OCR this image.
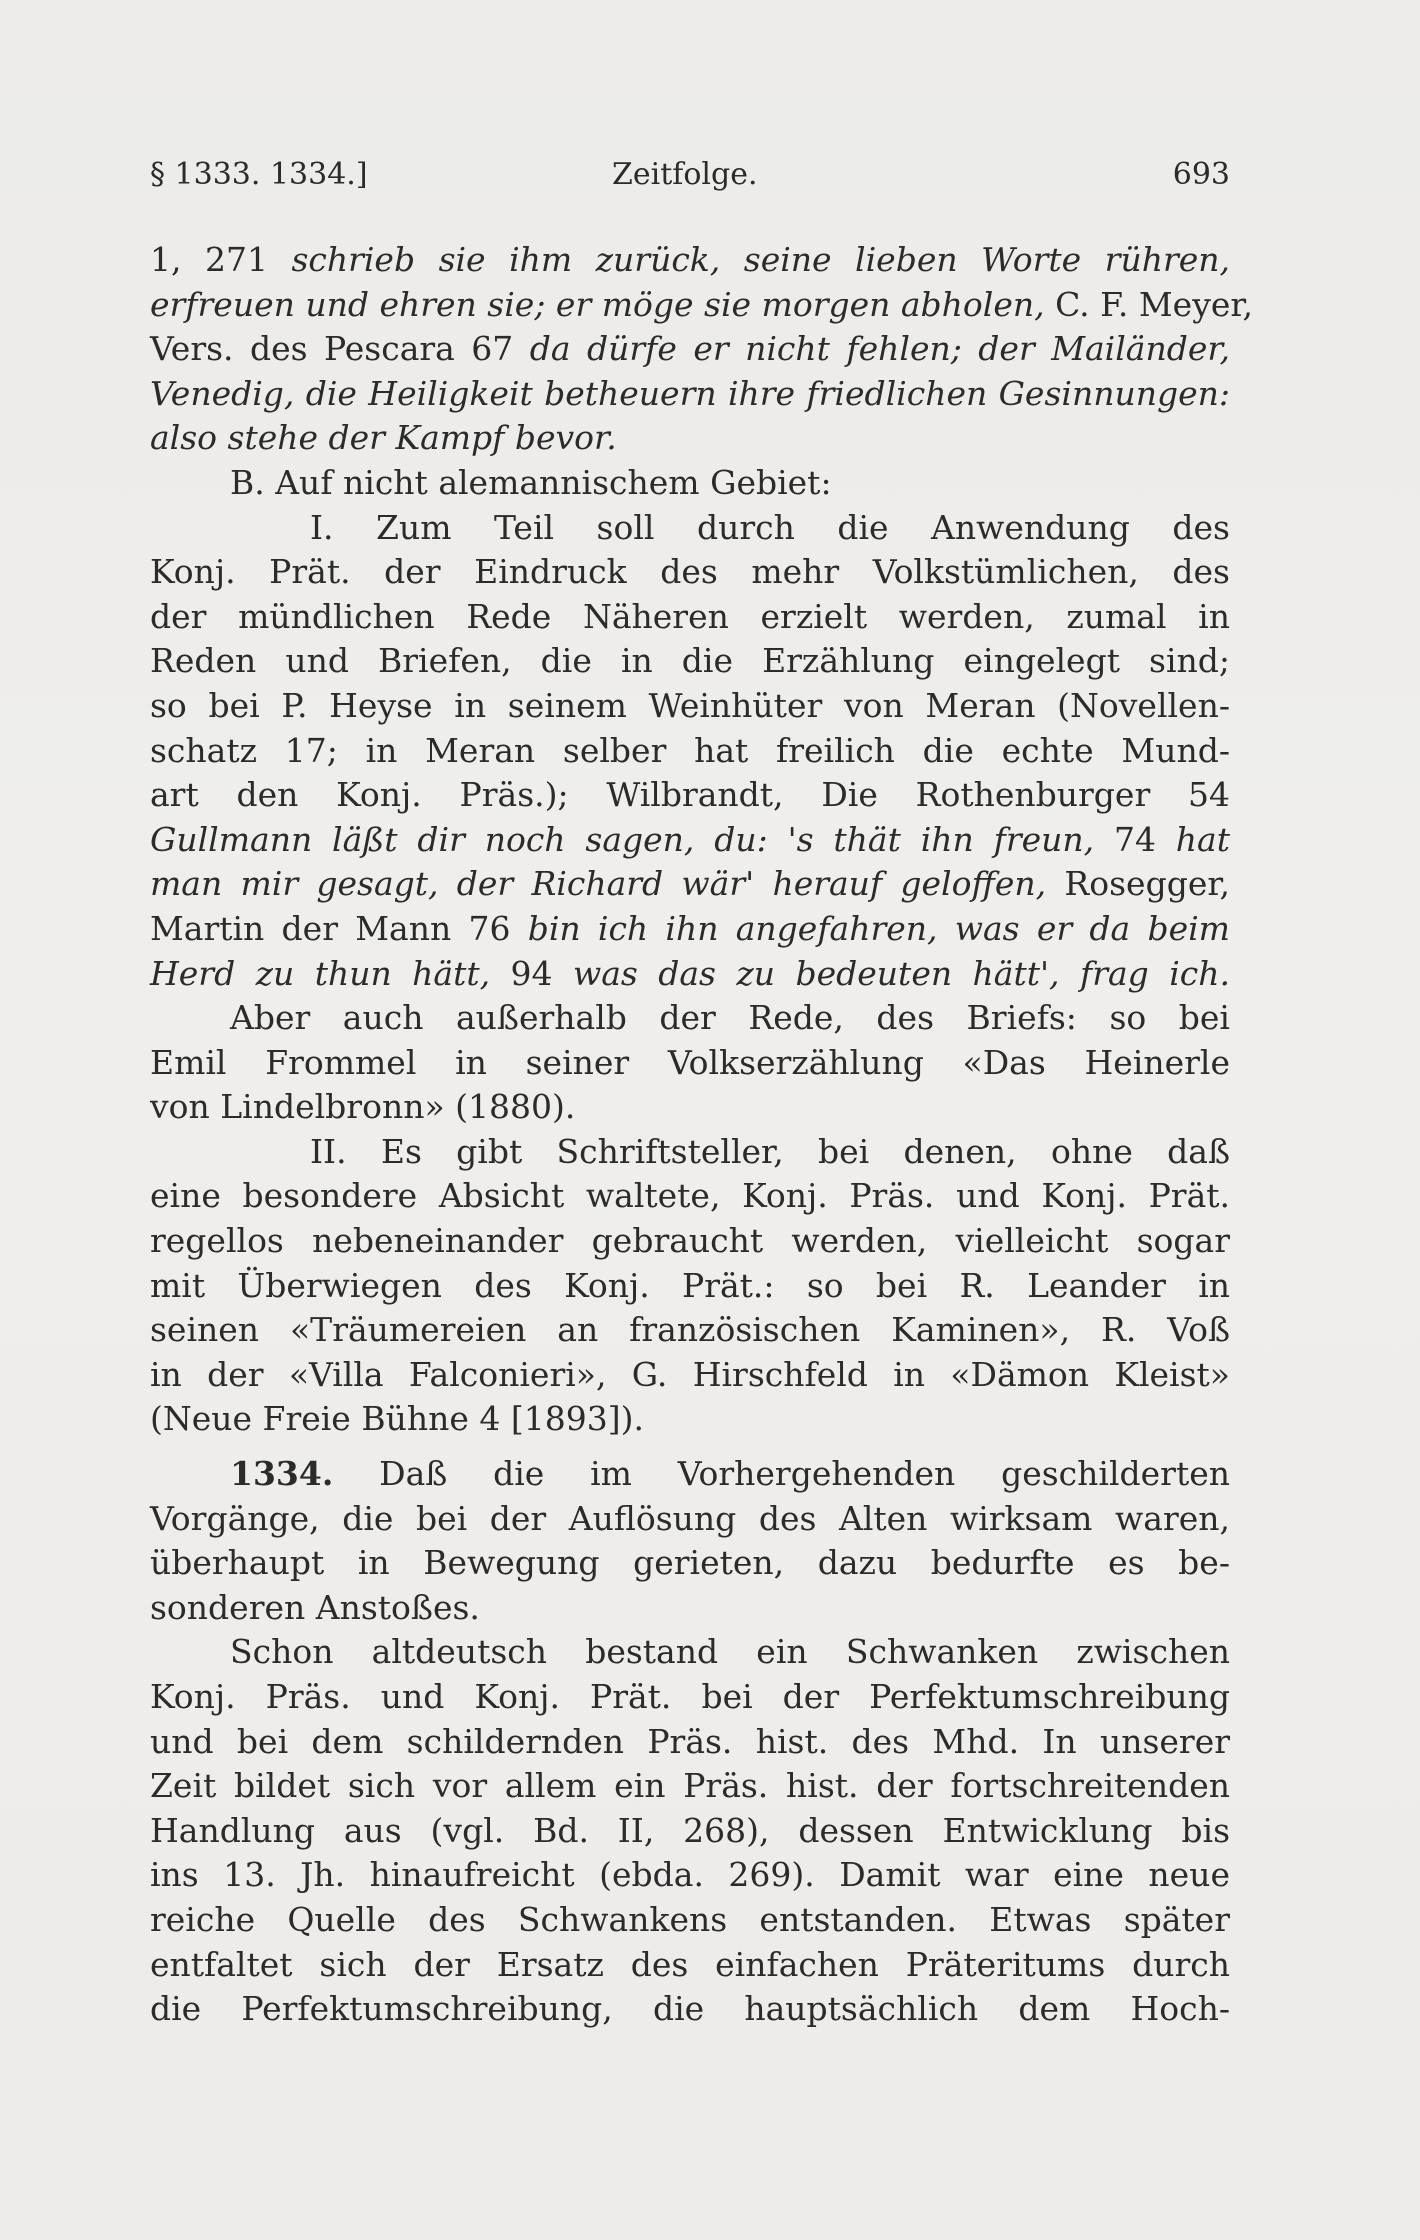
§ 1333. 1334.]	Zeitfolge.	693
1, 271 schrieb sie ihm zurück, seine lieben Worte rühren,
erfreuen und ehren sie; er möge sie morgen abholen, C. F. Meyer,
Vers. des Pescara 67 da dürfe er nicht fehlen; der Mailänder,
Venedig, die Heiligkeit betheuern ihre friedlichen Gesinnungen:
also stehe der Kampf bevor.
B. Auf nicht alemannischem Gebiet:
I. Zum Teil soll durch die Anwendung des
Konj. Prät. der Eindruck des mehr Volkstümlichen, des
der mündlichen Rede Näheren erzielt werden, zumal in
Reden und Briefen, die in die Erzählung eingelegt sind;
so bei P. Heyse in seinem Weinhüter von Meran (Novellen-
schatz 17; in Meran selber hat freilich die echte Mund-
art den Konj. Präs.); Wilbrandt, Die Rothenburger 54
Gullmann läßt dir noch sagen, du: 's thät ihn freun, 74 hat
man mir gesagt, der Richard wär' herauf geloffen, Rosegger,
Martin der Mann 76 bin ich ihn angefahren, was er da beim
Herd zu thun hätt, 94 was das zu bedeuten hätt', frag ich.
Aber auch außerhalb der Rede, des Briefs: so bei
Emil Frommel in seiner Volkserzählung «Das Heinerle
von Lindelbronn» (1880).
II. Es gibt Schriftsteller, bei denen, ohne daß
eine besondere Absicht waltete, Konj. Präs. und Konj. Prät.
regellos nebeneinander gebraucht werden, vielleicht sogar
mit Überwiegen des Konj. Prät.: so bei R. Leander in
seinen «Träumereien an französischen Kaminen», R. Voß
in der «Villa Falconieri», G. Hirschfeld in «Dämon Kleist»
(Neue Freie Bühne 4 [1893]).
1334. Daß die im Vorhergehenden geschilderten
Vorgänge, die bei der Auflösung des Alten wirksam waren,
überhaupt in Bewegung gerieten, dazu bedurfte es be-
sonderen Anstoßes.
Schon altdeutsch bestand ein Schwanken zwischen
Konj. Präs. und Konj. Prät. bei der Perfektumschreibung
und bei dem schildernden Präs. hist. des Mhd. In unserer
Zeit bildet sich vor allem ein Präs. hist. der fortschreitenden
Handlung aus (vgl. Bd. II, 268), dessen Entwicklung bis
ins 13. Jh. hinaufreicht (ebda. 269). Damit war eine neue
reiche Quelle des Schwankens entstanden. Etwas später
entfaltet sich der Ersatz des einfachen Präteritums durch
die Perfektumschreibung, die hauptsächlich dem Hoch-
